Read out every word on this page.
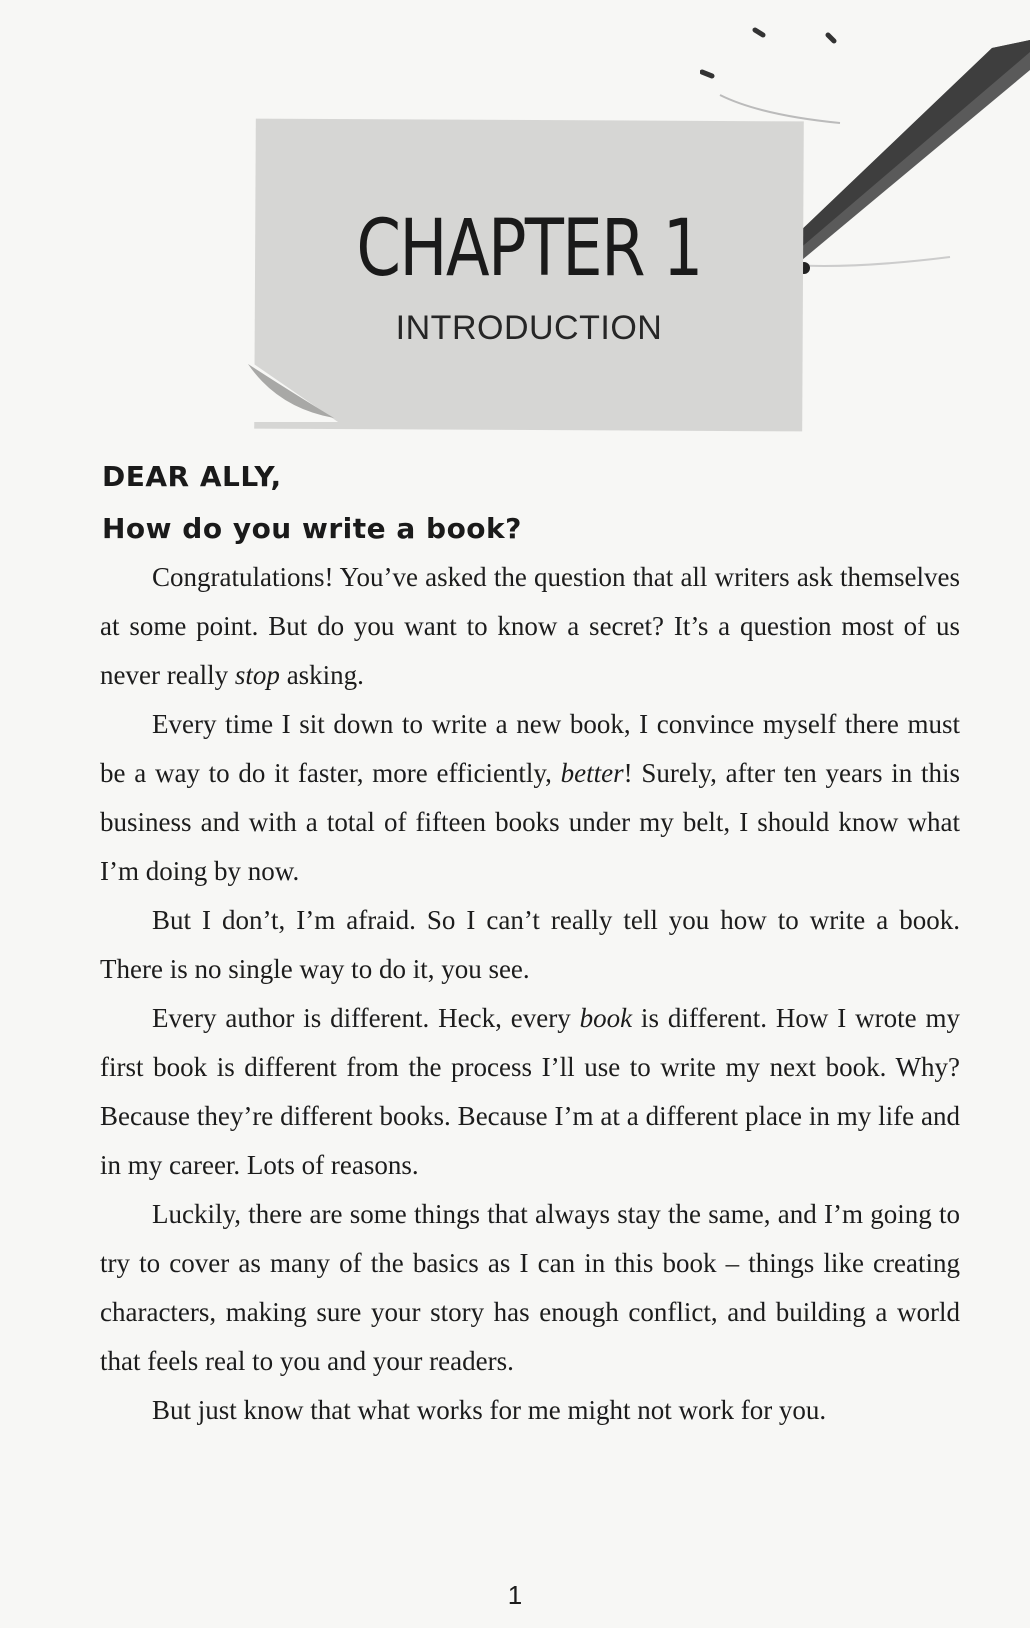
CHAPTER 1
INTRODUCTION
DEAR ALLY,
How do you write a book?

Congratulations! You’ve asked the question that all writers ask themselves at some point. But do you want to know a secret? It’s a question most of us never really stop asking.

Every time I sit down to write a new book, I convince myself there must be a way to do it faster, more efficiently, better! Surely, after ten years in this business and with a total of fifteen books under my belt, I should know what I’m doing by now.

But I don’t, I’m afraid. So I can’t really tell you how to write a book. There is no single way to do it, you see.

Every author is different. Heck, every book is different. How I wrote my first book is different from the process I’ll use to write my next book. Why? Because they’re different books. Because I’m at a different place in my life and in my career. Lots of reasons.

Luckily, there are some things that always stay the same, and I’m going to try to cover as many of the basics as I can in this book – things like creating characters, making sure your story has enough conflict, and building a world that feels real to you and your readers.

But just know that what works for me might not work for you.

1
